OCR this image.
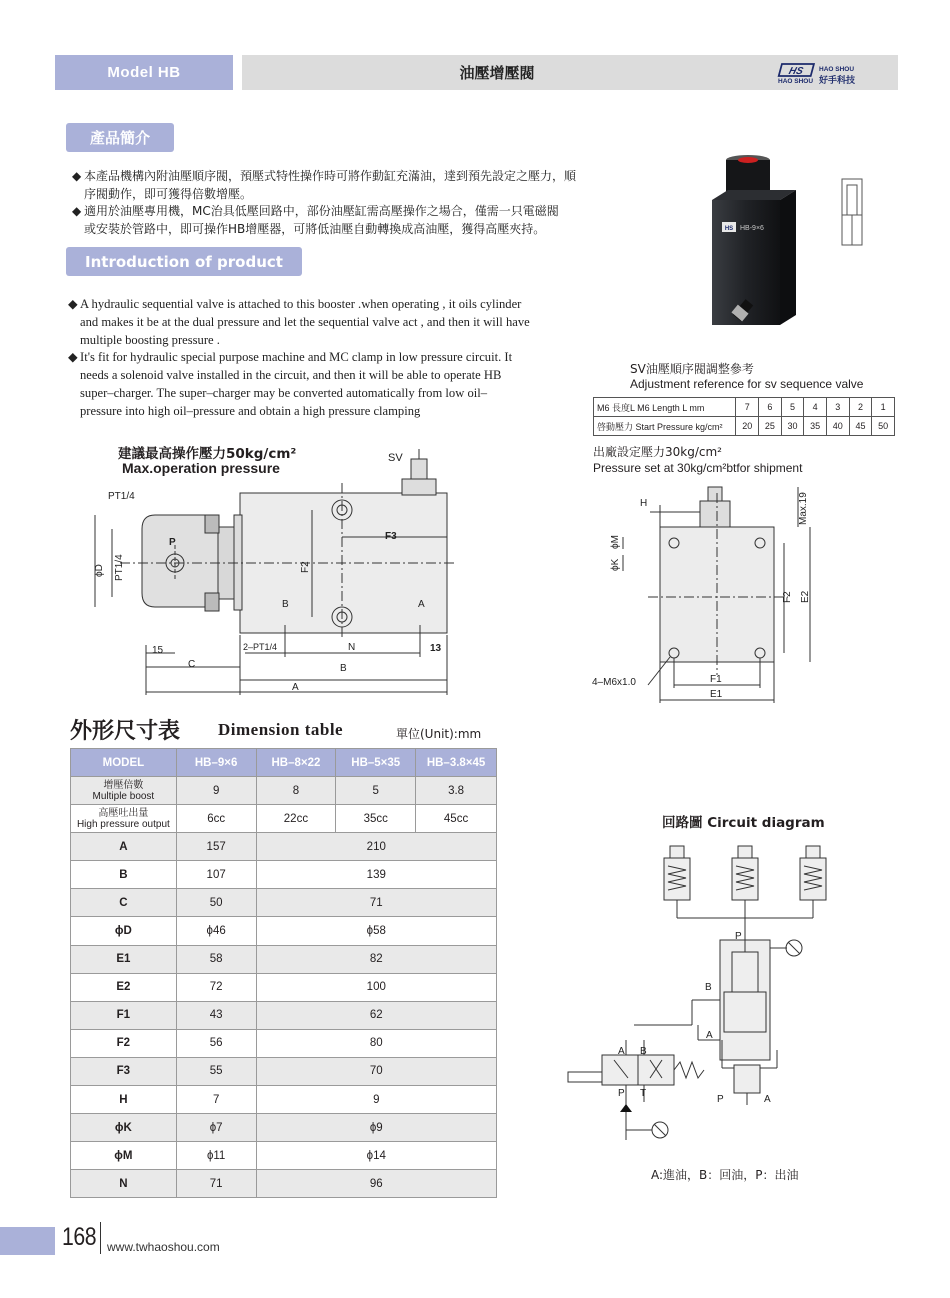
Model HB	油壓增壓閥	HS
HAO SHOU
HAO SHOU
好手科技
產品簡介
◆ 本產品機構內附油壓順序閥，預壓式特性操作時可將作動缸充滿油，達到預先設定之壓力，順
序閥動作，即可獲得倍數增壓。
◆ 適用於油壓專用機，MC治具低壓回路中，部份油壓缸需高壓操作之場合，僅需一只電磁閥
或安裝於管路中，即可操作HB增壓器，可將低油壓自動轉換成高油壓，獲得高壓夾持。
Introduction of product
◆ A hydraulic sequential valve is attached to this booster .when operating , it oils cylinder
and makes it be at the dual pressure and let the sequential valve act , and then it will have
multiple boosting pressure .
◆ It's fit for hydraulic special purpose machine and MC clamp in low pressure circuit. It
needs a solenoid valve installed in the circuit, and then it will be able to operate HB
super–charger. The super–charger may be converted automatically from low oil–
pressure into high oil–pressure and obtain a high pressure clamping
HS HB-9×6
SV油壓順序閥調整參考
Adjustment reference for sv sequence valve
M6 長度L M6 Length L mm	7	6	5	4	3	2	1
啓動壓力 Start Pressure kg/cm²	20	25	30	35	40	45	50
出廠設定壓力30kg/cm²
Pressure set at 30kg/cm²btfor shipment
建議最高操作壓力50kg/cm²
Max.operation pressure
PT1/4
SV
P
ϕD PT1/4	F2
F3
B	A
2–PT1/4	N
15	13
C	B
A
H	Max.19
ϕM
ϕK
F2 E2
4–M6x1.0	F1
E1
外形尺寸表 Dimension table	單位(Unit):mm
MODEL	HB–9×6	HB–8×22	HB–5×35	HB–3.8×45

增壓倍數
Multiple boost	9	8	5	3.8

高壓吐出量
High pressure output	6cc	22cc	35cc	45cc
A	157	210		
B	107	139		
C	50	71		
ϕD	ϕ46	ϕ58		
E1	58	82		
E2	72	100		
F1	43	62		
F2	56	80		
F3	55	70		
H	7	9		
ϕK	ϕ7	ϕ9		
ϕM	ϕ11	ϕ14		
N	71	96		
回路圖 Circuit diagram
P
B
A
A B
P T
P	A
A:進油，B：回油，P：出油
168 www.twhaoshou.com
